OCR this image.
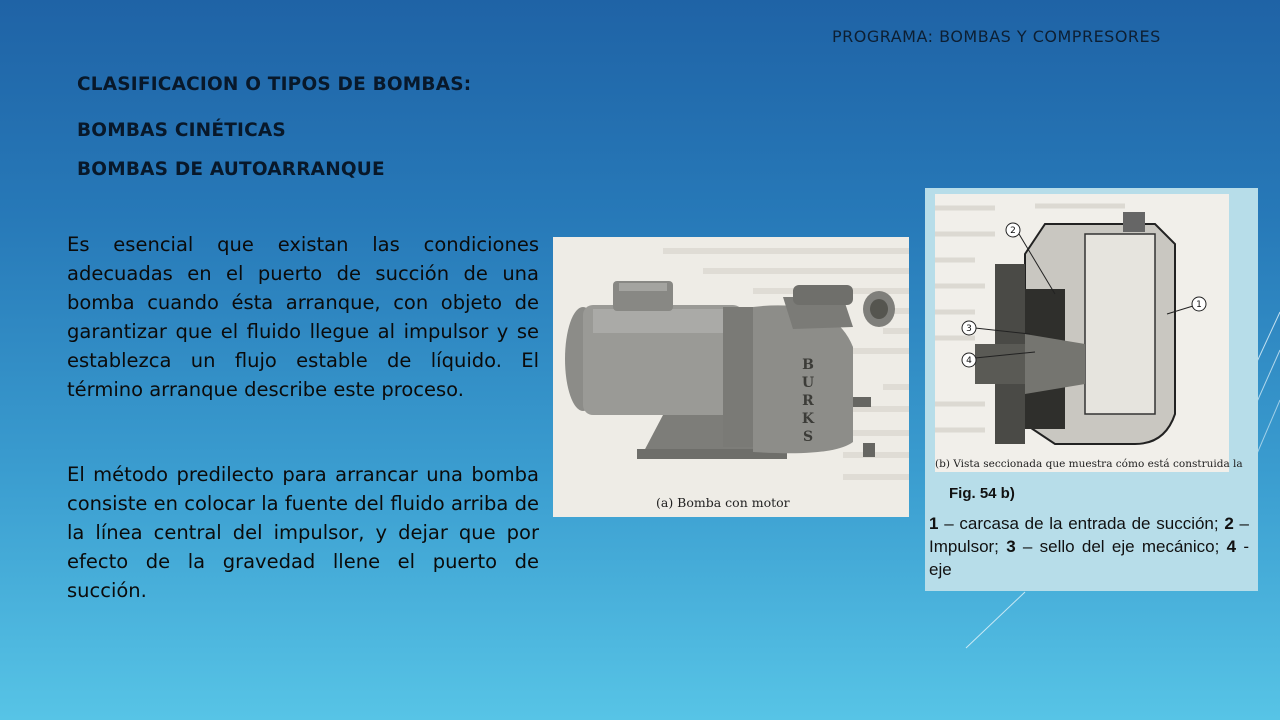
PROGRAMA: BOMBAS Y COMPRESORES
CLASIFICACION O TIPOS DE BOMBAS:
BOMBAS CINÉTICAS
BOMBAS DE AUTOARRANQUE
Es esencial que existan las condiciones adecuadas en el puerto de succión de una bomba cuando ésta arranque, con objeto de garantizar que el fluido llegue al impulsor y se establezca un flujo estable de líquido. El término arranque describe este proceso.
El método predilecto para arrancar una bomba consiste en colocar la fuente del fluido arriba de la línea central del impulsor, y dejar que por efecto de la gravedad llene el puerto de succión.
B
U
R
K
S
(a) Bomba con motor
2
1
3
4
(b) Vista seccionada que muestra cómo está construida la
Fig. 54 b)
1 – carcasa de la entrada de succión; 2 – Impulsor; 3 – sello del eje mecánico; 4 - eje
